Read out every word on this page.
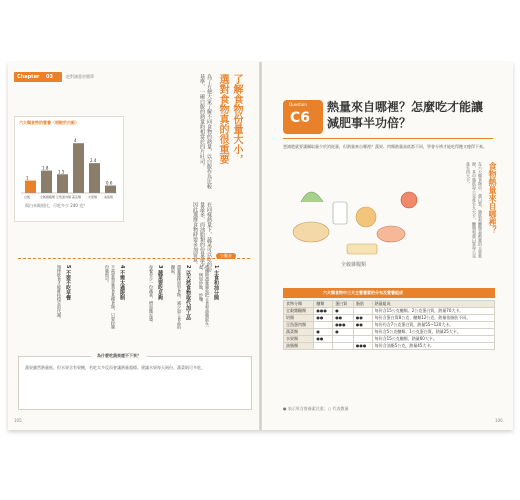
Chapter 03	吃對減重更簡單
六大類食物的營養（相較於白飯）
1
白飯
1.8
全穀雜糧類
1.5
豆魚蛋肉類
4
蔬菜類
2.4
水果類
0.6
油脂類
與白米飯相比，可吃多少 240 克？
了解食物份量大小，
選對食物真的很重要
為了方便大家了解不同食物的熱量，以白飯作為比較基準，一碗白飯的熱量約相當於四片吐司。
在同樣熱量下，蔬菜可以吃的份量最多，而油脂類的份量最少，因此選擇食物時要多加留意。	小撇步
1 主食和油分開
吃飯時盡量避免把主食和油脂混在一起，例如炒飯、炒麵。
2 以天然食物取代加工品
盡量選擇原型食物，減少加工食品的攝取。
3 蔬菜要吃足夠
每餐至少一份蔬菜，增加飽足感。
4 不需太過限制
不需要刻意禁食某種食物，只要控制份量即可。
5 不要不吃早餐
規律飲食才能維持穩定的代謝。
為什麼吃蔬果瘦不下來？
蔬果雖然熱量低，但水果含有果糖，若吃太多反而會讓熱量超標。建議水果每天兩份，蔬菜則可多吃。
105
Question
C6
熱量來自哪裡？怎麼吃才能讓
減肥事半功倍？
想減肥就要讓攝取量少於消耗量，但熱量來自哪裡？蔬果、肉類熱量高低都不同，學會分辨才能吃得飽又瘦得下來。
全穀雜糧類
食物熱量來自哪裡？
在六大類食物中，蛋白質、脂肪和醣類是熱量的主要來源，其中脂肪每公克產生九大卡，醣類和蛋白質每公克產生四大卡。
六大類食物中三大主營養素的分布及營養組成
食物分類	醣類	蛋白質	脂肪	熱量組成
全穀雜糧類	●●●	●		每份含15公克醣類、2公克蛋白質，熱量70大卡。
奶類	●●	●●	●●	每份含蛋白質8公克、醣類12公克，熱量依脂肪不同。
豆魚蛋肉類		●●●	●●	每份約含7公克蛋白質，熱量55~120大卡。
蔬菜類	●	●		每份含5公克醣類、1公克蛋白質，熱量25大卡。
水果類	●●			每份含15公克醣類，熱量60大卡。
油脂類			●●●	每份含油脂5公克，熱量45大卡。
● 表示所含營養素比重；○ 代表微量
106
